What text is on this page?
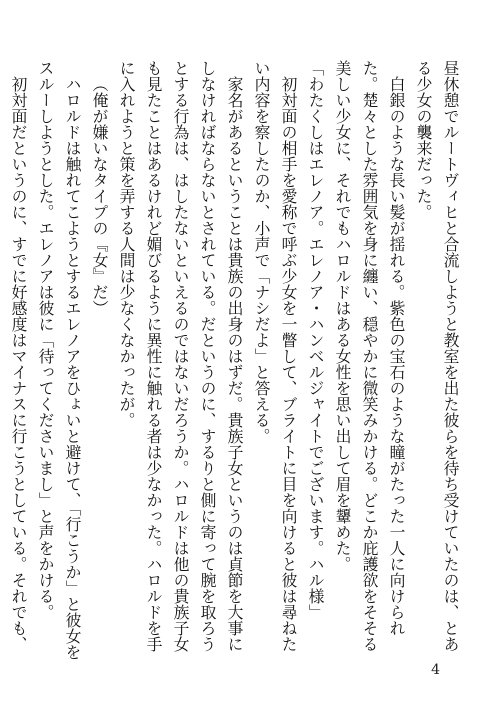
昼休憩でルートヴィヒと合流しようと教室を出た彼らを待ち受けていたのは、とある少女の襲来だった。

白銀のような長い髪が揺れる。紫色の宝石のような瞳がたった一人に向けられた。楚々とした雰囲気を身に纏い、穏やかに微笑みかける。どこか庇護欲をそそる美しい少女に、それでもハロルドはある女性を思い出して眉を顰めた。

「わたくしはエレノア。エレノア・ハンベルジャイトでございます。ハル様」

初対面の相手を愛称で呼ぶ少女を一瞥して、ブライトに目を向けると彼は尋ねたい内容を察したのか、小声で「ナシだよ」と答える。

家名があるということは貴族の出身のはずだ。貴族子女というのは貞節を大事にしなければならないとされている。だというのに、するりと側に寄って腕を取ろうとする行為は、はしたないといえるのではないだろうか。ハロルドは他の貴族子女も見たことはあるけれど媚びるように異性に触れる者は少なかった。ハロルドを手に入れようと策を弄する人間は少なくなかったが。

（俺が嫌いなタイプの『女』だ）

ハロルドは触れてこようとするエレノアをひょいと避けて、「行こうか」と彼女をスルーしようとした。エレノアは彼に「待ってくださいまし」と声をかける。

初対面だというのに、すでに好感度はマイナスに行こうとしている。それでも、

4
